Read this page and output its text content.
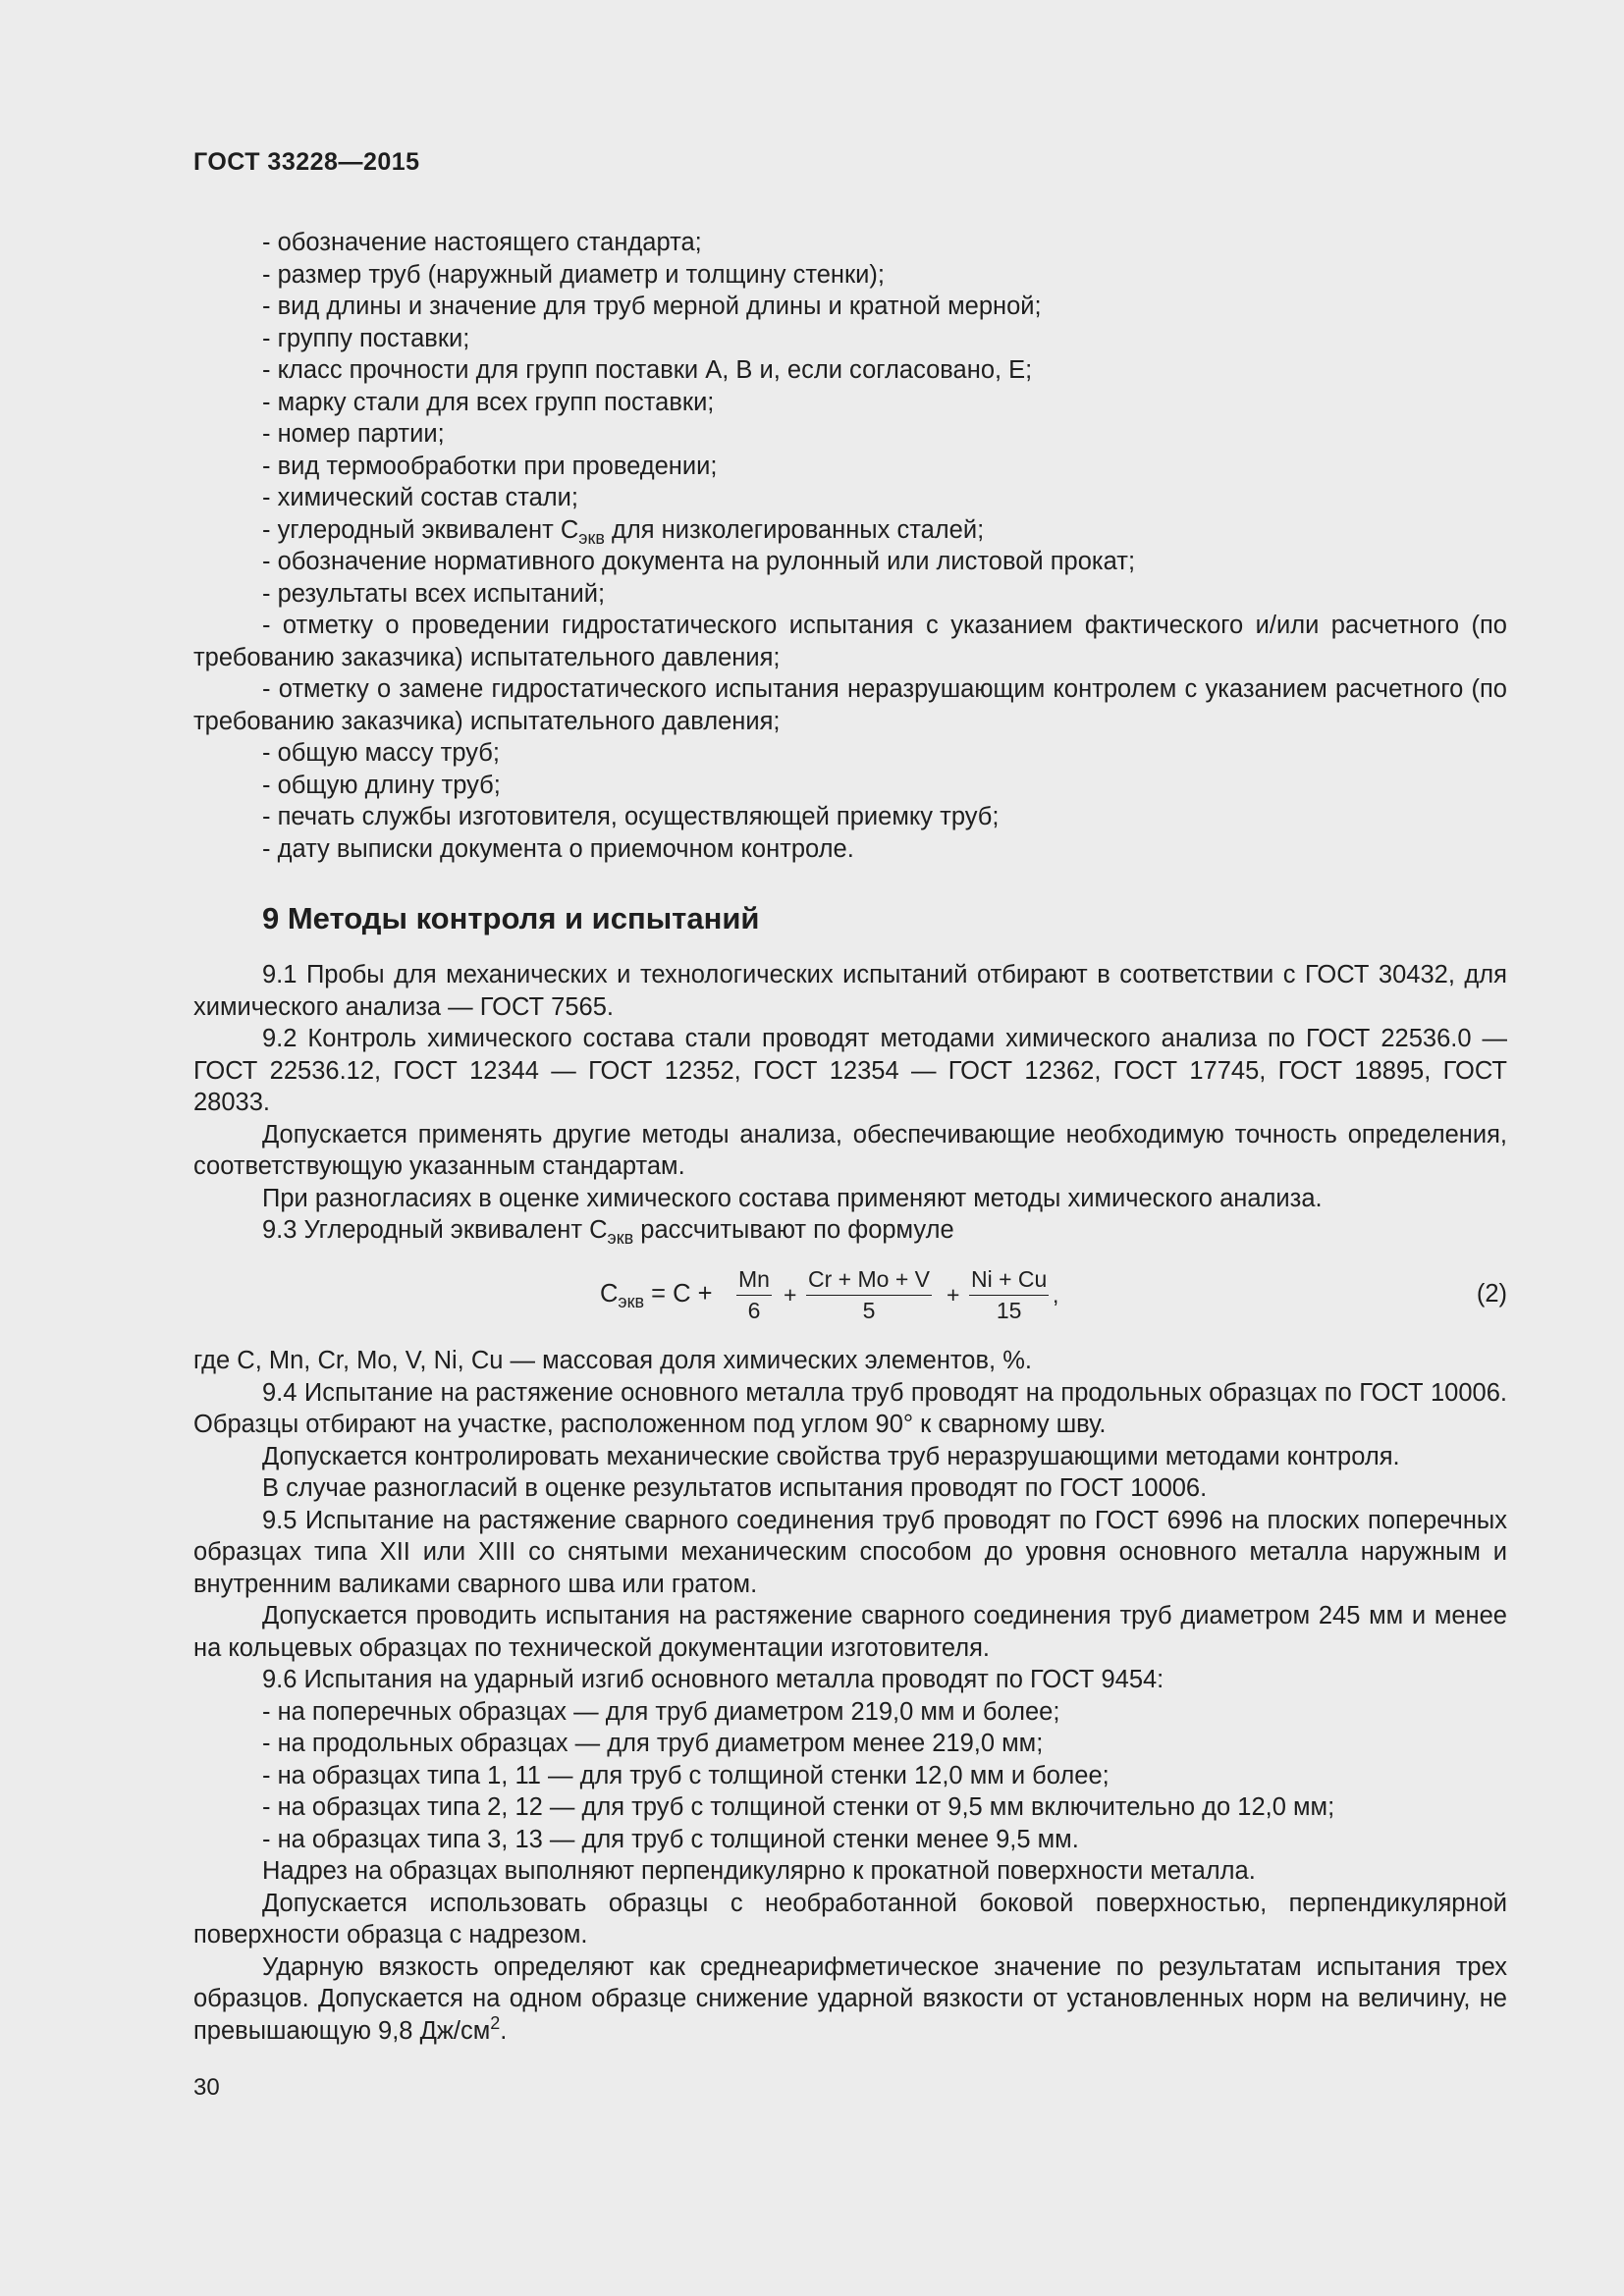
ГОСТ 33228—2015

- обозначение настоящего стандарта;

- размер труб (наружный диаметр и толщину стенки);

- вид длины и значение для труб мерной длины и кратной мерной;

- группу поставки;

- класс прочности для групп поставки А, В и, если согласовано, Е;

- марку стали для всех групп поставки;

- номер партии;

- вид термообработки при проведении;

- химический состав стали;

- углеродный эквивалент $С_{экв}$ для низколегированных сталей;

- обозначение нормативного документа на рулонный или листовой прокат;

- результаты всех испытаний;

- отметку о проведении гидростатического испытания с указанием фактического и/или расчетного (по требованию заказчика) испытательного давления;

- отметку о замене гидростатического испытания неразрушающим контролем с указанием расчетного (по требованию заказчика) испытательного давления;

- общую массу труб;

- общую длину труб;

- печать службы изготовителя, осуществляющей приемку труб;

- дату выписки документа о приемочном контроле.

9 Методы контроля и испытаний

9.1 Пробы для механических и технологических испытаний отбирают в соответствии с ГОСТ 30432, для химического анализа — ГОСТ 7565.

9.2 Контроль химического состава стали проводят методами химического анализа по ГОСТ 22536.0 — ГОСТ 22536.12, ГОСТ 12344 — ГОСТ 12352, ГОСТ 12354 — ГОСТ 12362, ГОСТ 17745, ГОСТ 18895, ГОСТ 28033.

Допускается применять другие методы анализа, обеспечивающие необходимую точность определения, соответствующую указанным стандартам.

При разногласиях в оценке химического состава применяют методы химического анализа.

9.3 Углеродный эквивалент $С_{экв}$ рассчитывают по формуле

$С_{экв} = C + \frac{Mn}{6} + \frac{Cr + Mo + V}{5} + \frac{Ni + Cu}{15}$ ,	(2)

где C, Mn, Cr, Mo, V, Ni, Cu — массовая доля химических элементов, %.

9.4 Испытание на растяжение основного металла труб проводят на продольных образцах по ГОСТ 10006. Образцы отбирают на участке, расположенном под углом 90° к сварному шву.

Допускается контролировать механические свойства труб неразрушающими методами контроля.

В случае разногласий в оценке результатов испытания проводят по ГОСТ 10006.

9.5 Испытание на растяжение сварного соединения труб проводят по ГОСТ 6996 на плоских поперечных образцах типа XII или XIII со снятыми механическим способом до уровня основного металла наружным и внутренним валиками сварного шва или гратом.

Допускается проводить испытания на растяжение сварного соединения труб диаметром 245 мм и менее на кольцевых образцах по технической документации изготовителя.

9.6 Испытания на ударный изгиб основного металла проводят по ГОСТ 9454:

- на поперечных образцах — для труб диаметром 219,0 мм и более;

- на продольных образцах — для труб диаметром менее 219,0 мм;

- на образцах типа 1, 11 — для труб с толщиной стенки 12,0 мм и более;

- на образцах типа 2, 12 — для труб с толщиной стенки от 9,5 мм включительно до 12,0 мм;

- на образцах типа 3, 13 — для труб с толщиной стенки менее 9,5 мм.

Надрез на образцах выполняют перпендикулярно к прокатной поверхности металла.

Допускается использовать образцы с необработанной боковой поверхностью, перпендикулярной поверхности образца с надрезом.

Ударную вязкость определяют как среднеарифметическое значение по результатам испытания трех образцов. Допускается на одном образце снижение ударной вязкости от установленных норм на величину, не превышающую 9,8 $Дж/см^2$.

30
